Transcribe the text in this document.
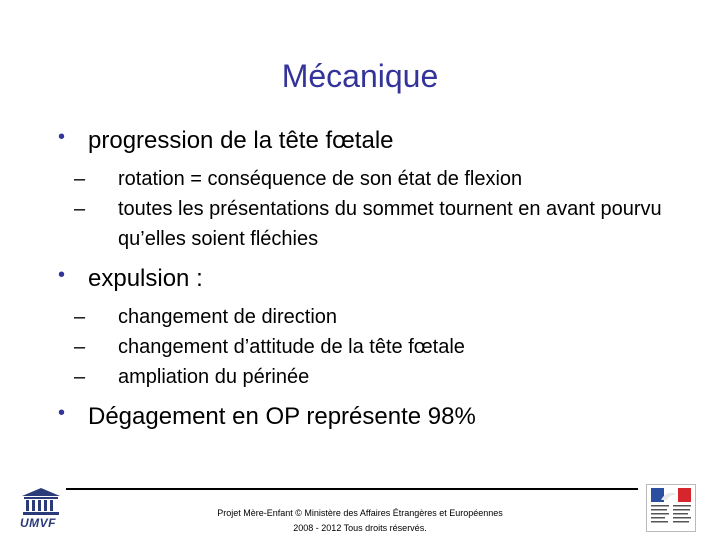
Mécanique
• progression de la tête fœtale
– rotation = conséquence de son état de flexion
– toutes les présentations du sommet tournent en avant pourvu qu’elles soient fléchies
• expulsion :
– changement de direction
– changement d’attitude de la tête fœtale
– ampliation du périnée
• Dégagement en OP représente 98%
UMVF
Projet Mère-Enfant © Ministère des Affaires Étrangères et Européennes
2008 - 2012 Tous droits réservés.
